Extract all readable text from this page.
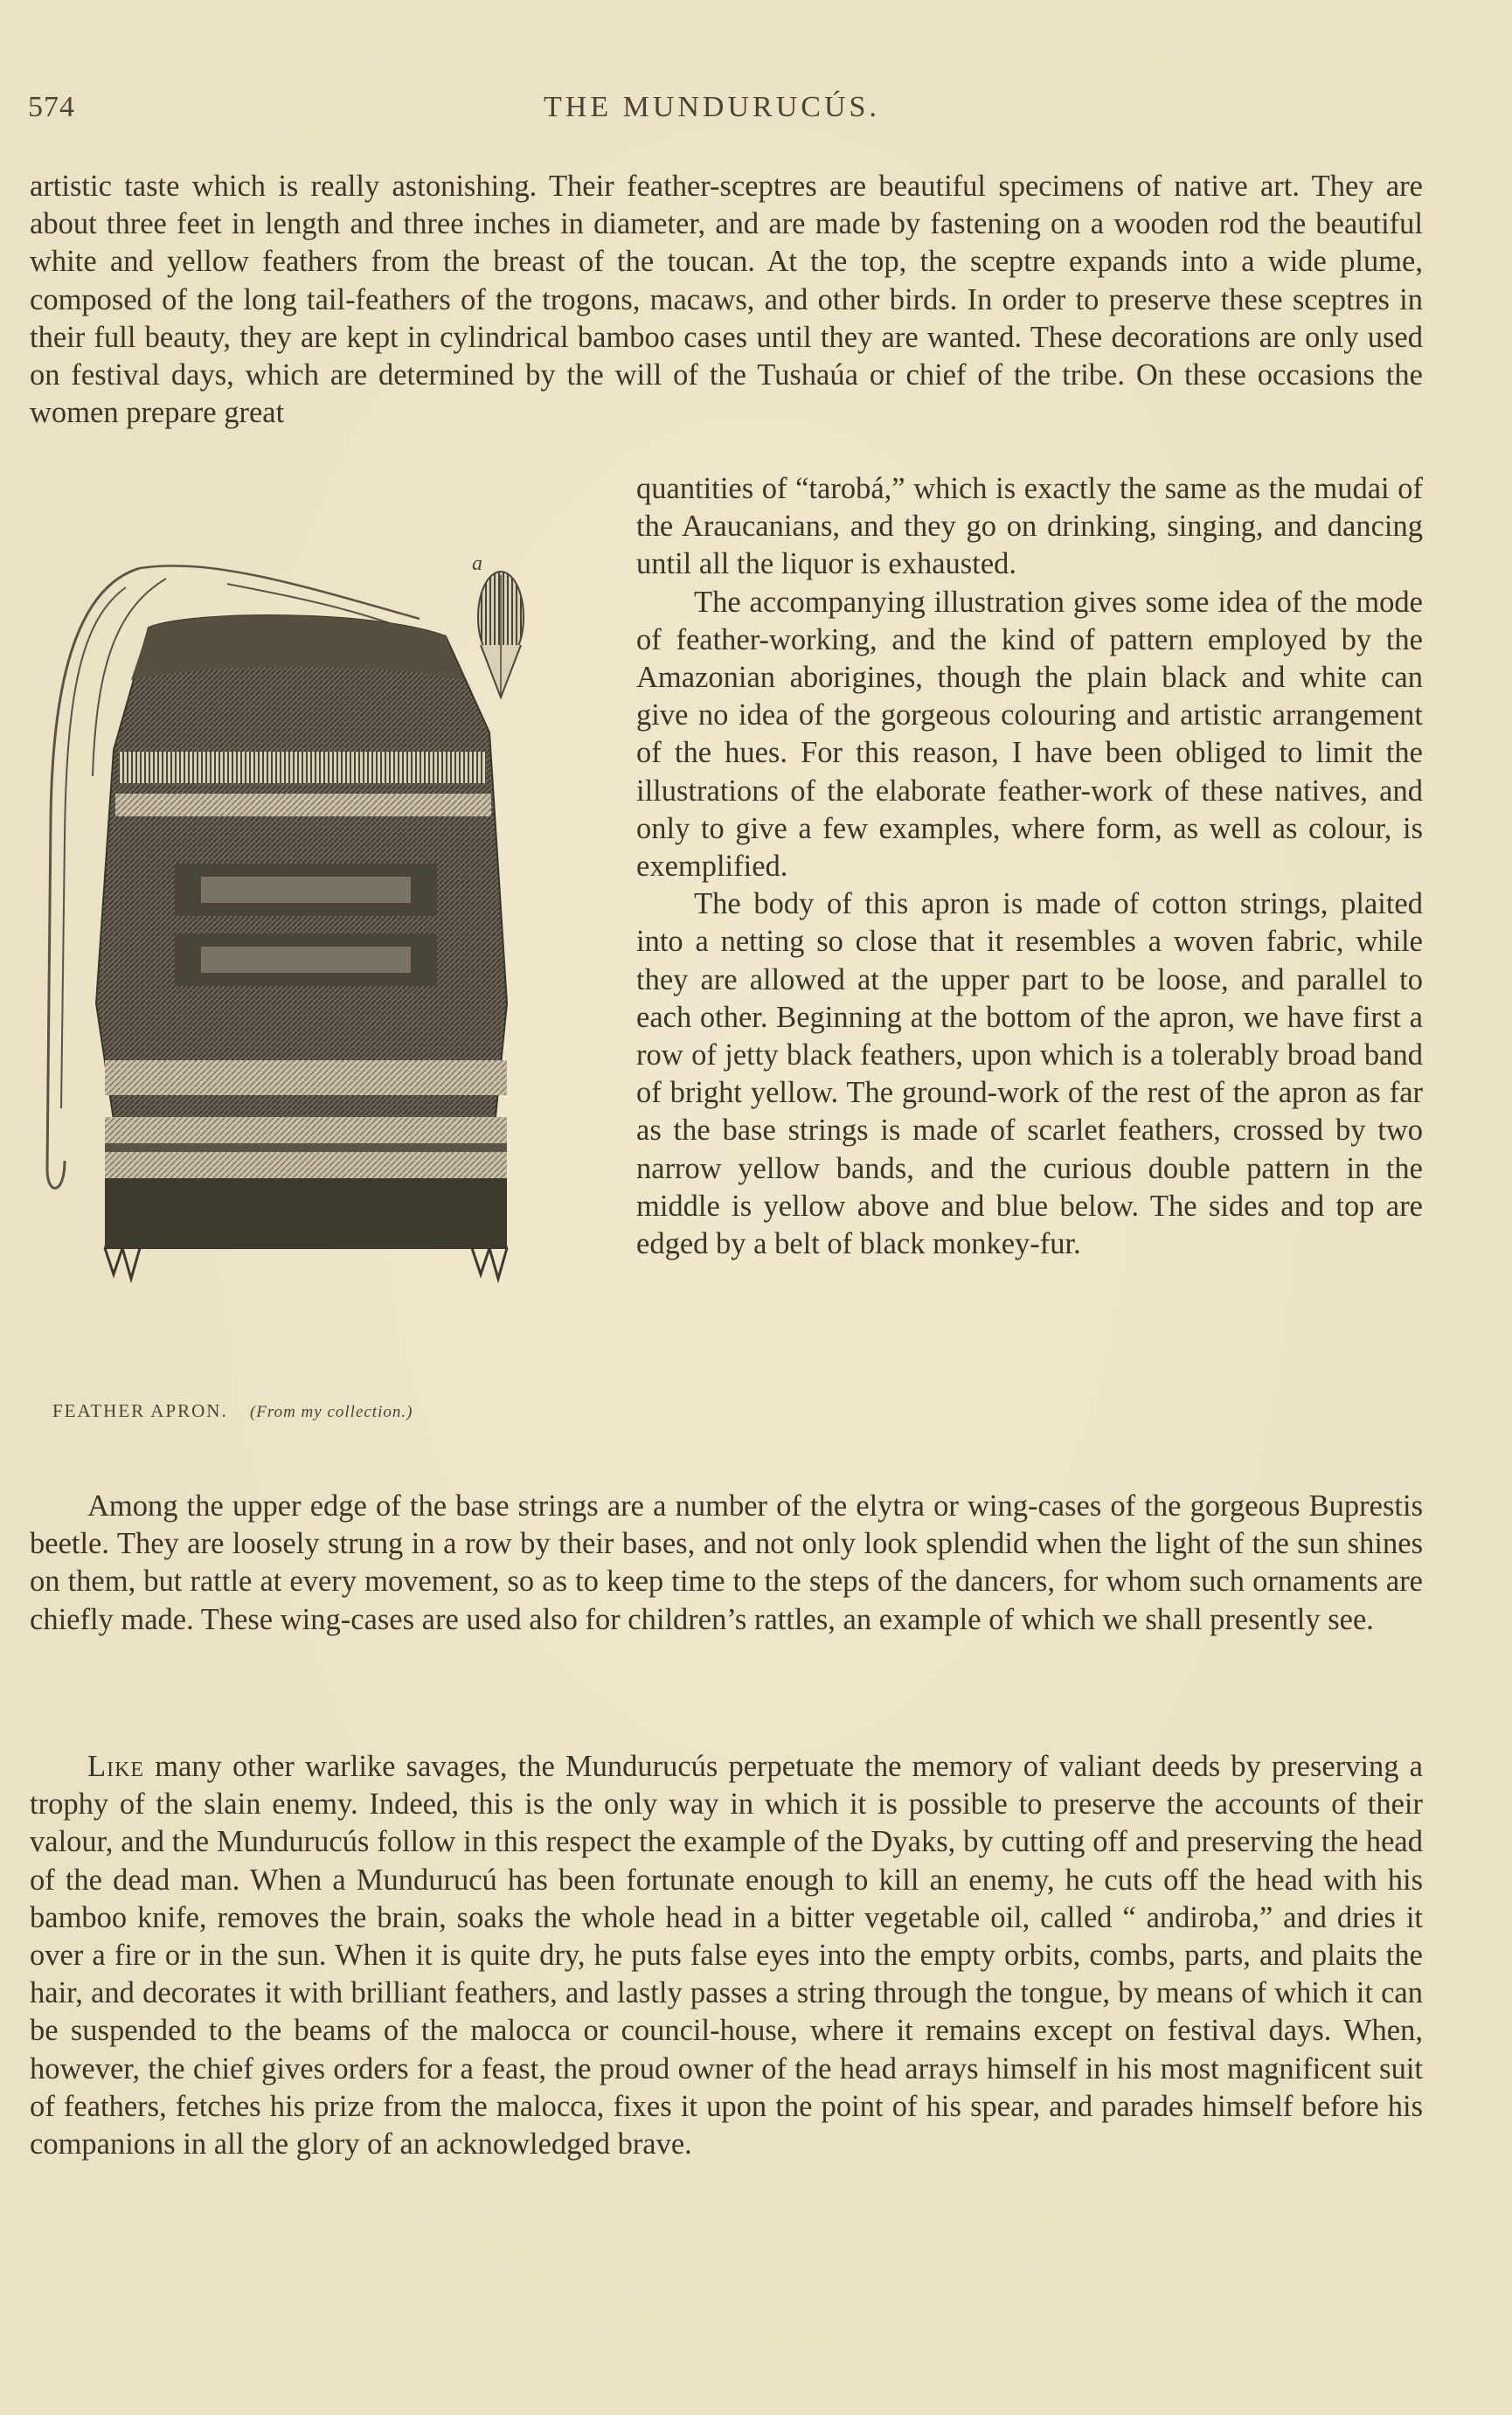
574	THE MUNDURUCÚS.

artistic taste which is really astonishing. Their feather-sceptres are beautiful specimens of native art. They are about three feet in length and three inches in diameter, and are made by fastening on a wooden rod the beautiful white and yellow feathers from the breast of the toucan. At the top, the sceptre expands into a wide plume, composed of the long tail-feathers of the trogons, macaws, and other birds. In order to preserve these sceptres in their full beauty, they are kept in cylindrical bamboo cases until they are wanted. These decorations are only used on festival days, which are determined by the will of the Tushaúa or chief of the tribe. On these occasions the women prepare great

quantities of “tarobá,” which is exactly the same as the mudai of the Araucanians, and they go on drinking, singing, and dancing until all the liquor is exhausted.

The accompanying illustration gives some idea of the mode of feather-working, and the kind of pattern employed by the Amazonian aborigines, though the plain black and white can give no idea of the gorgeous colouring and artistic arrangement of the hues. For this reason, I have been obliged to limit the illustrations of the elaborate feather-work of these natives, and only to give a few examples, where form, as well as colour, is exemplified.

The body of this apron is made of cotton strings, plaited into a netting so close that it resembles a woven fabric, while they are allowed at the upper part to be loose, and parallel to each other. Beginning at the bottom of the apron, we have first a row of jetty black feathers, upon which is a tolerably broad band of bright yellow. The ground-work of the rest of the apron as far as the base strings is made of scarlet feathers, crossed by two narrow yellow bands, and the curious double pattern in the middle is yellow above and blue below. The sides and top are edged by a belt of black monkey-fur.

a
FEATHER APRON. (From my collection.)

Among the upper edge of the base strings are a number of the elytra or wing-cases of the gorgeous Buprestis beetle. They are loosely strung in a row by their bases, and not only look splendid when the light of the sun shines on them, but rattle at every movement, so as to keep time to the steps of the dancers, for whom such ornaments are chiefly made. These wing-cases are used also for children’s rattles, an example of which we shall presently see.

Like many other warlike savages, the Mundurucús perpetuate the memory of valiant deeds by preserving a trophy of the slain enemy. Indeed, this is the only way in which it is possible to preserve the accounts of their valour, and the Mundurucús follow in this respect the example of the Dyaks, by cutting off and preserving the head of the dead man. When a Mundurucú has been fortunate enough to kill an enemy, he cuts off the head with his bamboo knife, removes the brain, soaks the whole head in a bitter vegetable oil, called “ andiroba,” and dries it over a fire or in the sun. When it is quite dry, he puts false eyes into the empty orbits, combs, parts, and plaits the hair, and decorates it with brilliant feathers, and lastly passes a string through the tongue, by means of which it can be suspended to the beams of the malocca or council-house, where it remains except on festival days. When, however, the chief gives orders for a feast, the proud owner of the head arrays himself in his most magnificent suit of feathers, fetches his prize from the malocca, fixes it upon the point of his spear, and parades himself before his companions in all the glory of an acknowledged brave.
